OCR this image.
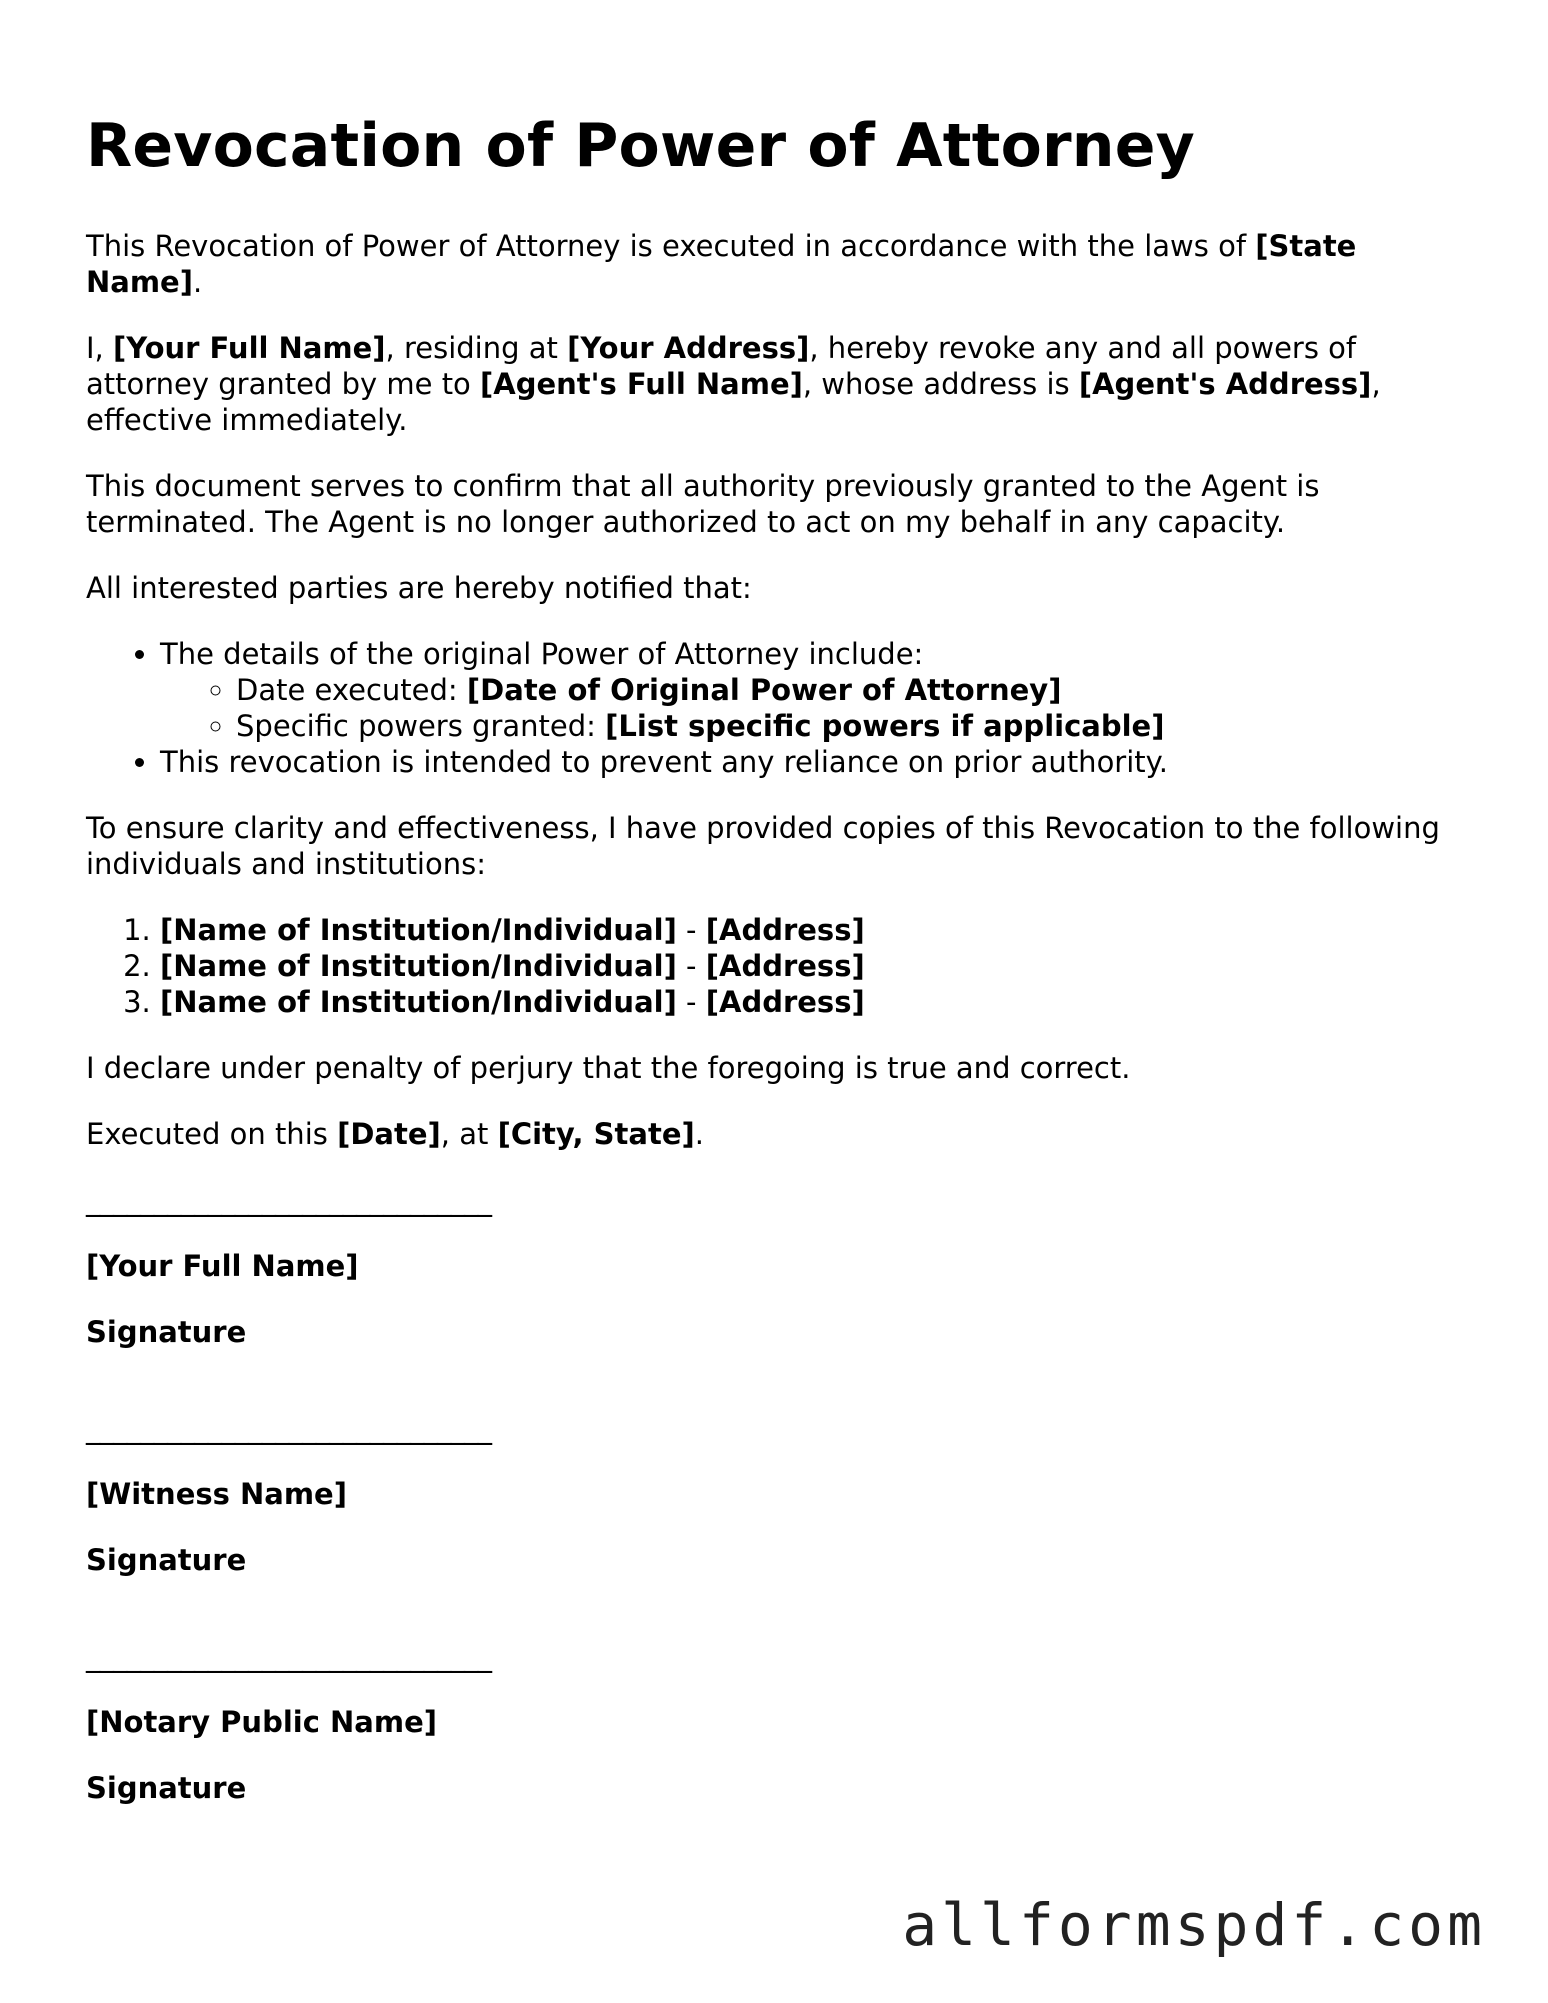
Revocation of Power of Attorney

This Revocation of Power of Attorney is executed in accordance with the laws of [State Name].

I, [Your Full Name], residing at [Your Address], hereby revoke any and all powers of attorney granted by me to [Agent's Full Name], whose address is [Agent's Address], effective immediately.

This document serves to confirm that all authority previously granted to the Agent is terminated. The Agent is no longer authorized to act on my behalf in any capacity.

All interested parties are hereby notified that:

• The details of the original Power of Attorney include:
◦ Date executed: [Date of Original Power of Attorney]
◦ Specific powers granted: [List specific powers if applicable]
• This revocation is intended to prevent any reliance on prior authority.

To ensure clarity and effectiveness, I have provided copies of this Revocation to the following individuals and institutions:

1. [Name of Institution/Individual] - [Address]
2. [Name of Institution/Individual] - [Address]
3. [Name of Institution/Individual] - [Address]

I declare under penalty of perjury that the foregoing is true and correct.

Executed on this [Date], at [City, State].

______________________________
[Your Full Name]
Signature
______________________________
[Witness Name]
Signature
______________________________
[Notary Public Name]
Signature
allformspdf.com
